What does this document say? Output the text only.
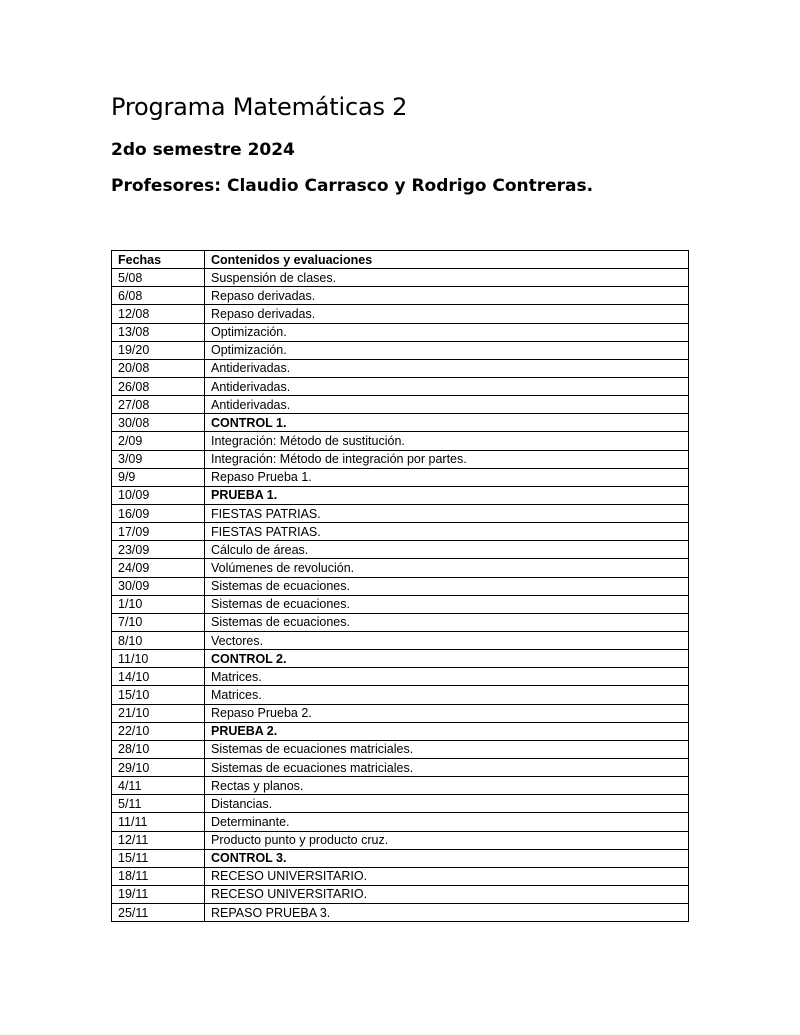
Programa Matemáticas 2
2do semestre 2024
Profesores: Claudio Carrasco y Rodrigo Contreras.
Fechas	Contenidos y evaluaciones
5/08	Suspensión de clases.
6/08	Repaso derivadas.
12/08	Repaso derivadas.
13/08	Optimización.
19/20	Optimización.
20/08	Antiderivadas.
26/08	Antiderivadas.
27/08	Antiderivadas.
30/08	CONTROL 1.
2/09	Integración: Método de sustitución.
3/09	Integración: Método de integración por partes.
9/9	Repaso Prueba 1.
10/09	PRUEBA 1.
16/09	FIESTAS PATRIAS.
17/09	FIESTAS PATRIAS.
23/09	Cálculo de áreas.
24/09	Volúmenes de revolución.
30/09	Sistemas de ecuaciones.
1/10	Sistemas de ecuaciones.
7/10	Sistemas de ecuaciones.
8/10	Vectores.
11/10	CONTROL 2.
14/10	Matrices.
15/10	Matrices.
21/10	Repaso Prueba 2.
22/10	PRUEBA 2.
28/10	Sistemas de ecuaciones matriciales.
29/10	Sistemas de ecuaciones matriciales.
4/11	Rectas y planos.
5/11	Distancias.
11/11	Determinante.
12/11	Producto punto y producto cruz.
15/11	CONTROL 3.
18/11	RECESO UNIVERSITARIO.
19/11	RECESO UNIVERSITARIO.
25/11	REPASO PRUEBA 3.
